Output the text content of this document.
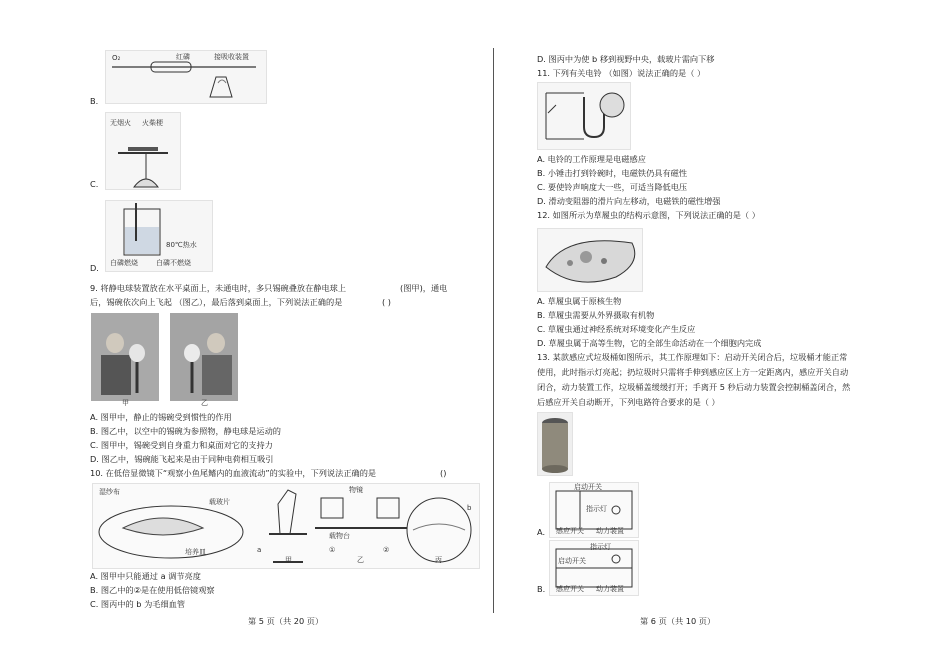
O₂	红磷	接吸收装置
B.
无烟火 火柴梗
C.
80℃热水
白磷燃烧	白磷不燃烧
D.
9. 将静电球装置放在水平桌面上，未通电时，多只锡碗叠放在静电球上	(图甲)，通电
后，锡碗依次向上飞起 （图乙），最后落到桌面上，下列说法正确的是	( )
甲	乙
A. 图甲中，静止的锡碗受到惯性的作用
B. 图乙中，以空中的锡碗为参照物，静电球是运动的
C. 图甲中，锡碗受到自身重力和桌面对它的支持力
D. 图乙中，锡碗能飞起来是由于同种电荷相互吸引
10. 在低倍显微镜下“观察小鱼尾鳍内的血液流动”的实验中，下列说法正确的是	()
湿纱布
载玻片
培养皿
甲
物镜
载物台
①	②
乙	丙
a
b
A. 图甲中只能通过 a 调节亮度
B. 图乙中的②是在使用低倍镜观察
C. 图丙中的 b 为毛细血管
第 5 页（共 20 页）
D. 图丙中为使 b 移到视野中央，载玻片需向下移
11. 下列有关电铃 （如图）说法正确的是（ ）
A. 电铃的工作原理是电磁感应
B. 小锤击打到铃碗时，电磁铁仍具有磁性
C. 要使铃声响度大一些，可适当降低电压
D. 滑动变阻器的滑片向左移动，电磁铁的磁性增强
12. 如图所示为草履虫的结构示意图，下列说法正确的是（ ）
A. 草履虫属于原核生物
B. 草履虫需要从外界摄取有机物
C. 草履虫通过神经系统对环境变化产生反应
D. 草履虫属于高等生物，它的全部生命活动在一个细胞内完成
13. 某款感应式垃圾桶如图所示，其工作原理如下：启动开关闭合后，垃圾桶才能正常
使用，此时指示灯亮起；扔垃圾时只需将手伸到感应区上方一定距离内，感应开关自动
闭合，动力装置工作，垃圾桶盖缓缓打开；手离开 5 秒后动力装置会控制桶盖闭合，然
后感应开关自动断开，下列电路符合要求的是（ ）
启动开关
指示灯
感应开关 动力装置
A.
指示灯
启动开关
感应开关 动力装置
B.
第 6 页（共 10 页）
